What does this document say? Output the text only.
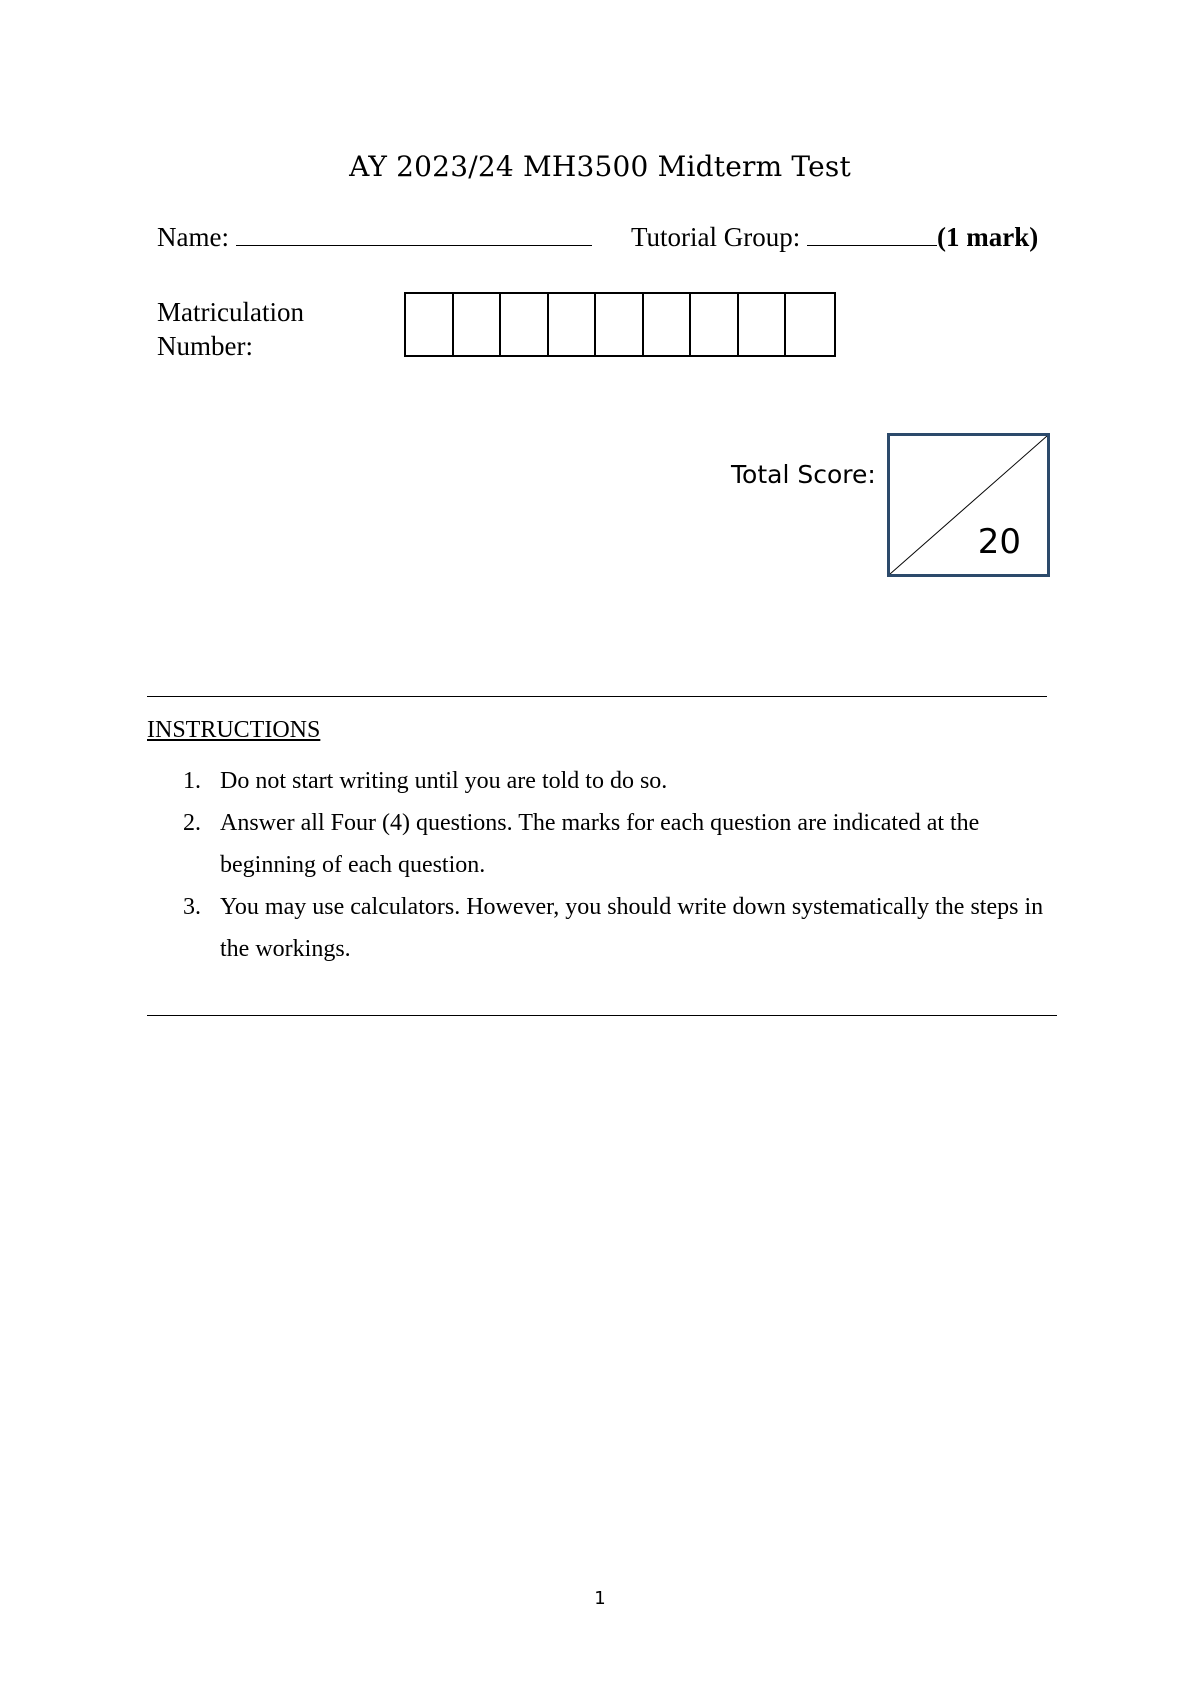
AY 2023/24 MH3500 Midterm Test
Name:	Tutorial Group:	(1 mark)
Matriculation
Number:
Total Score:
20
INSTRUCTIONS
1. Do not start writing until you are told to do so.
2. Answer all Four (4) questions. The marks for each question are indicated at the beginning of each question.
3. You may use calculators. However, you should write down systematically the steps in the workings.
1
